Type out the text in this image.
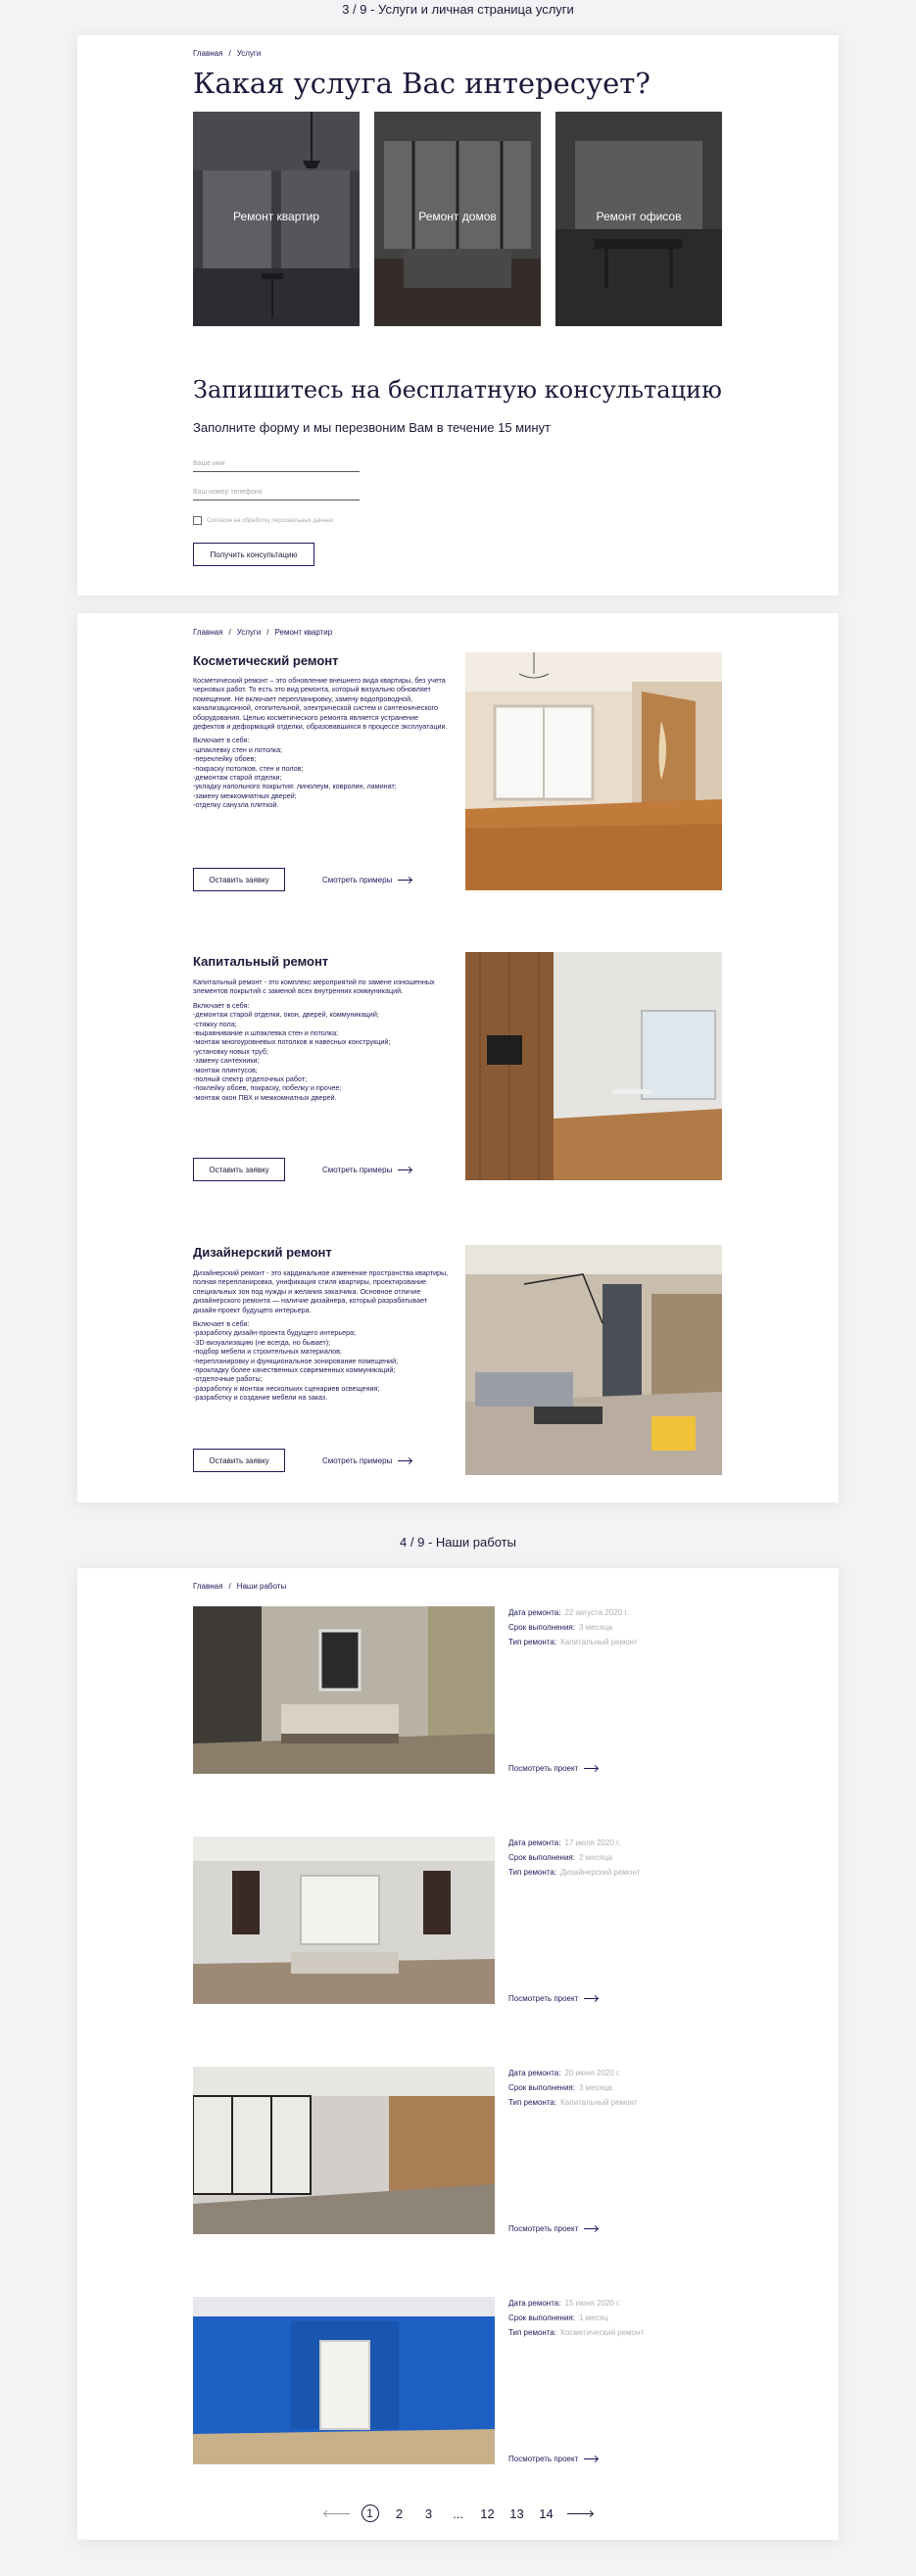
3 / 9 - Услуги и личная страница услуги
Главная / Услуги
Какая услуга Вас интересует?
Ремонт квартир	Ремонт домов	Ремонт офисов
Запишитесь на бесплатную консультацию
Заполните форму и мы перезвоним Вам в течение 15 минут
Ваше имя
Ваш номер телефона
Согласен на обработку персональных данных
Получить консультацию
Главная / Услуги / Ремонт квартир
Косметический ремонт

Косметический ремонт – это обновление внешнего вида квартиры, без учета черновых работ. То есть это вид ремонта, который визуально обновляет помещение. Не включает перепланировку, замену водопроводной, канализационной, отопительной, электрической систем и сантехнического оборудования. Целью косметического ремонта является устранение дефектов и деформаций отделки, образовавшихся в процессе эксплуатации.

Включает в себя:
-шпаклевку стен и потолка;
-переклейку обоев;
-покраску потолков, стен и полов;
-демонтаж старой отделки;
-укладку напольного покрытия: линолеум, ковролин, ламинат;
-замену межкомнатных дверей;
-отделку санузла плиткой.

Оставить заявку	Смотреть примеры
Капитальный ремонт

Капитальный ремонт - это комплекс мероприятий по замене изношенных элементов покрытий с заменой всех внутренних коммуникаций.

Включает в себя:
-демонтаж старой отделки, окон, дверей, коммуникаций;
-стяжку пола;
-выравнивание и шпаклевка стен и потолка;
-монтаж многоуровневых потолков и навесных конструкций;
-установку новых труб;
-замену сантехники;
-монтаж плинтусов;
-полный спектр отделочных работ;
-поклейку обоев, покраску, побелку и прочее;
-монтаж окон ПВХ и межкомнатных дверей.

Оставить заявку	Смотреть примеры
Дизайнерский ремонт

Дизайнерский ремонт - это кардинальное изменение пространства квартиры, полная перепланировка, унификация стиля квартиры, проектирование специальных зон под нужды и желания заказчика. Основное отличие дизайнерского ремонта — наличие дизайнера, который разрабатывает дизайн-проект будущего интерьера.

Включает в себя:
-разработку дизайн-проекта будущего интерьера;
-3D-визуализацию (не всегда, но бывает);
-подбор мебели и строительных материалов;
-перепланировку и функциональное зонирование помещений;
-прокладку более качественных современных коммуникаций;
-отделочные работы;
-разработку и монтаж нескольких сценариев освещения;
-разработку и создание мебели на заказ.

Оставить заявку	Смотреть примеры
4 / 9 - Наши работы
Главная / Наши работы
Дата ремонта: 22 августа 2020 г.
Срок выполнения: 3 месяца
Тип ремонта: Капитальный ремонт
Посмотреть проект
Дата ремонта: 17 июля 2020 г.
Срок выполнения: 2 месяца
Тип ремонта: Дизайнерский ремонт
Посмотреть проект
Дата ремонта: 20 июня 2020 г.
Срок выполнения: 3 месяца
Тип ремонта: Капитальный ремонт
Посмотреть проект
Дата ремонта: 15 июня 2020 г.
Срок выполнения: 1 месяц
Тип ремонта: Косметический ремонт
Посмотреть проект
1	2	3	...	12	13	14
